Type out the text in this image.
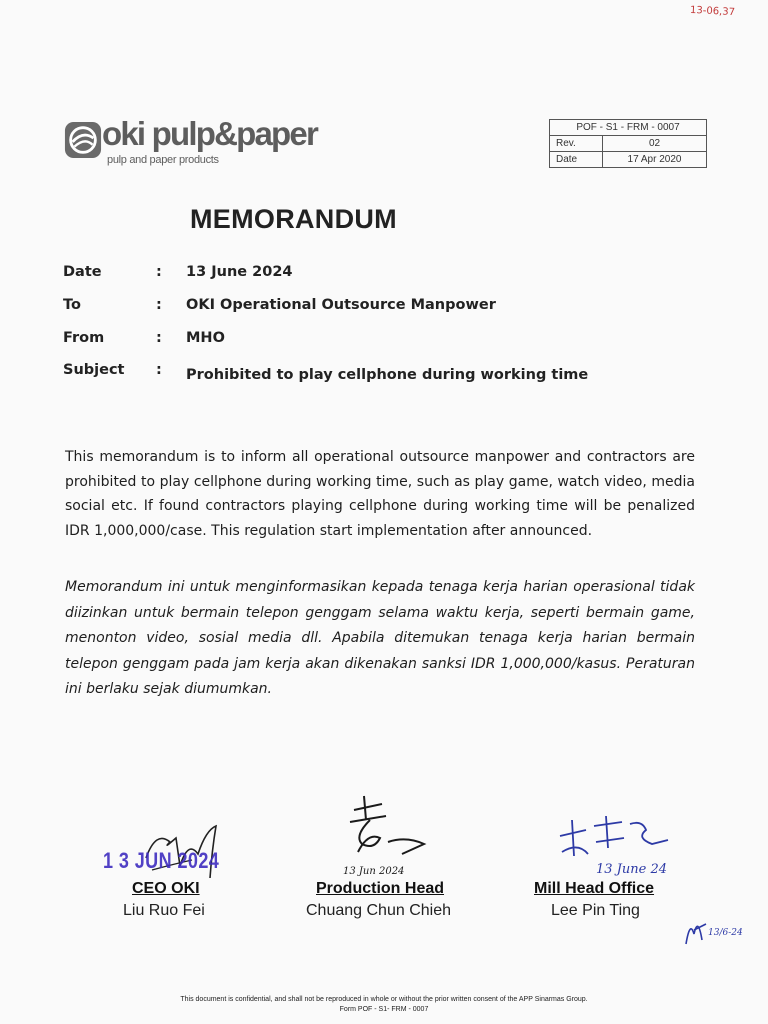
13-06,37
oki pulp&paper
pulp and paper products
POF - S1 - FRM - 0007	
Rev.	02
Date	17 Apr 2020
MEMORANDUM
Date	: 13 June 2024
To	: OKI Operational Outsource Manpower
From	: MHO
Subject : Prohibited to play cellphone during working time
This memorandum is to inform all operational outsource manpower and contractors are prohibited to play cellphone during working time, such as play game, watch video, media social etc. If found contractors playing cellphone during working time will be penalized IDR 1,000,000/case. This regulation start implementation after announced.
Memorandum ini untuk menginformasikan kepada tenaga kerja harian operasional tidak diizinkan untuk bermain telepon genggam selama waktu kerja, seperti bermain game, menonton video, sosial media dll. Apabila ditemukan tenaga kerja harian bermain telepon genggam pada jam kerja akan dikenakan sanksi IDR 1,000,000/kasus. Peraturan ini berlaku sejak diumumkan.
1 3 JUN 2024
CEO OKI
Liu Ruo Fei
13 Jun 2024
Production Head
Chuang Chun Chieh
13 June 24
Mill Head Office
Lee Pin Ting
13/6-24
This document is confidential, and shall not be reproduced in whole or without the prior written consent of the APP Sinarmas Group.
Form POF - S1- FRM - 0007
